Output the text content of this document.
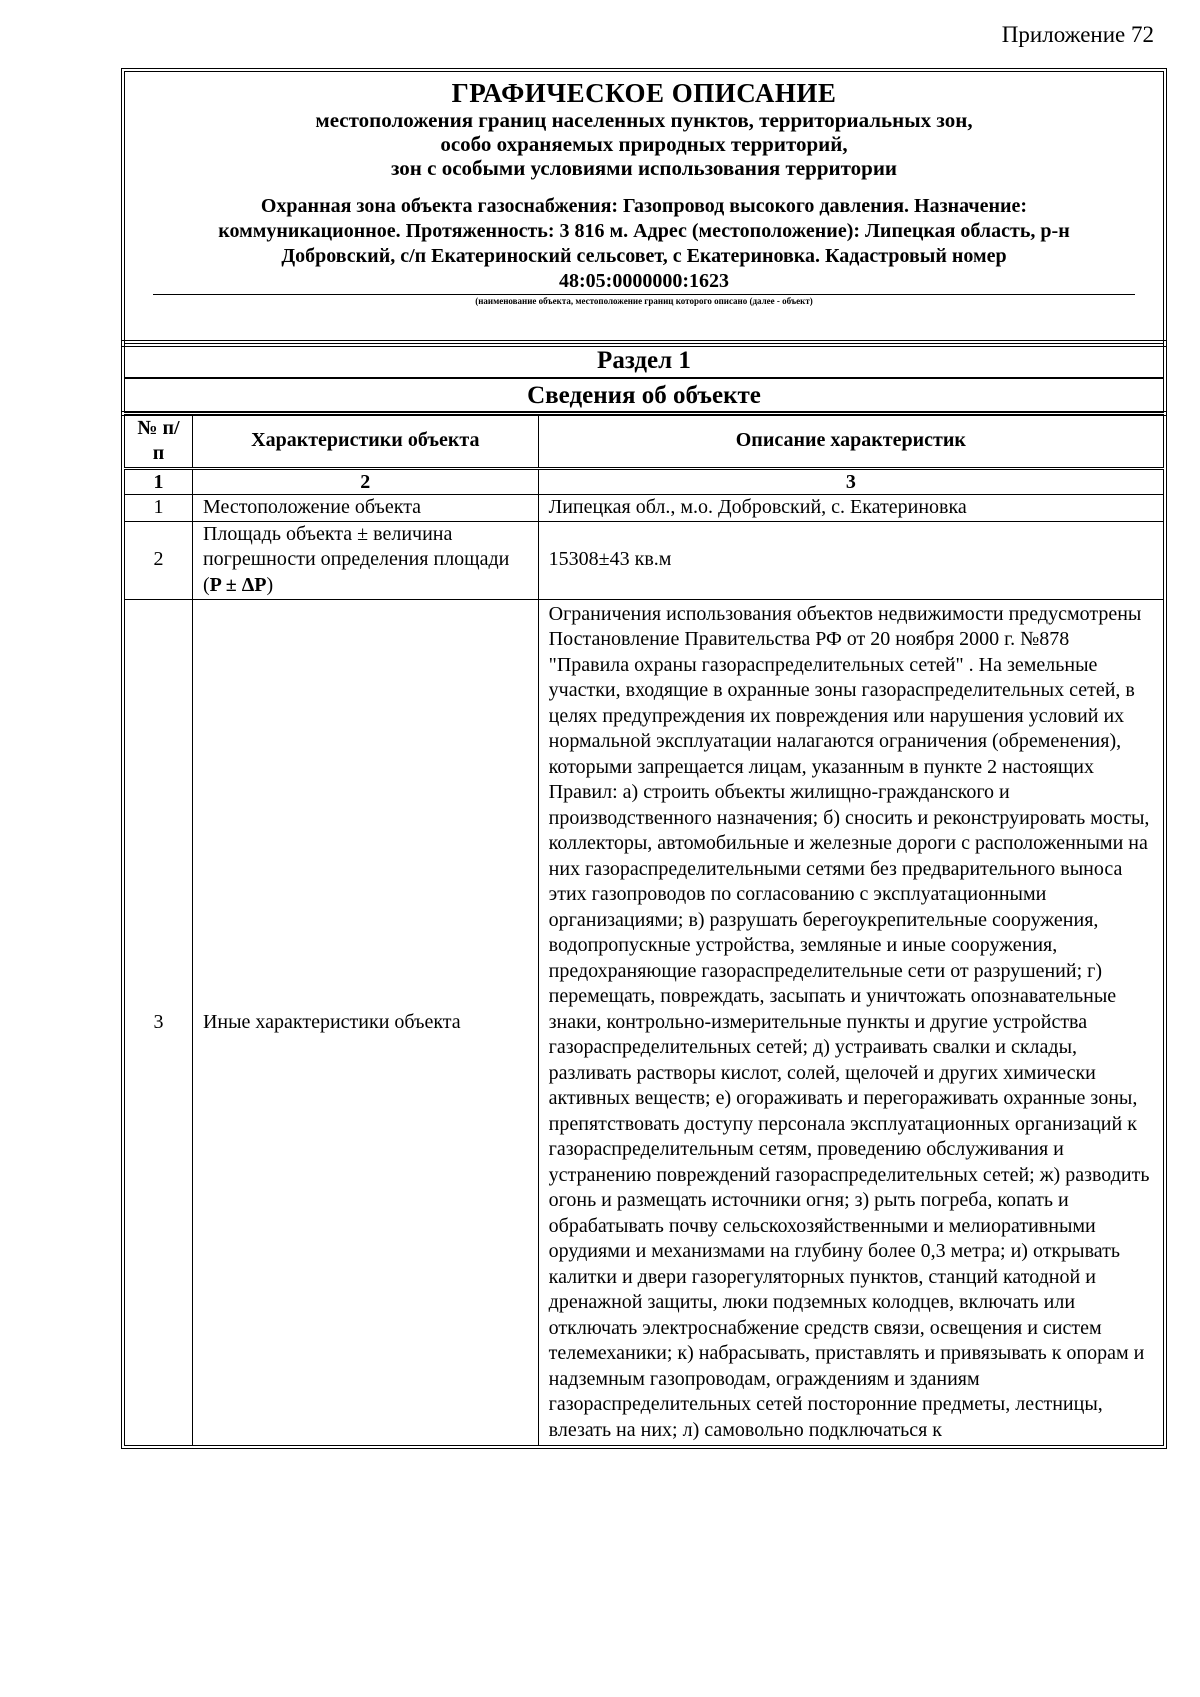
Приложение 72
ГРАФИЧЕСКОЕ ОПИСАНИЕ
местоположения границ населенных пунктов, территориальных зон,
особо охраняемых природных территорий,
зон с особыми условиями использования территории
Охранная зона объекта газоснабжения: Газопровод высокого давления. Назначение:
коммуникационное. Протяженность: 3 816 м. Адрес (местоположение): Липецкая область, р-н
Добровский, с/п Екатериноский сельсовет, с Екатериновка. Кадастровый номер
48:05:0000000:1623
(наименование объекта, местоположение границ которого описано (далее - объект)
Раздел 1
Сведения об объекте
№ п/п	Характеристики объекта	Описание характеристик
1	2	3
1	Местоположение объекта	Липецкая обл., м.о. Добровский, с. Екатериновка
2	Площадь объекта ± величина погрешности определения площади (P ± ΔP)	15308±43 кв.м
3	Иные характеристики объекта	Ограничения использования объектов недвижимости предусмотрены Постановление Правительства РФ от 20 ноября 2000 г. №878 "Правила охраны газораспределительных сетей" . На земельные участки, входящие в охранные зоны газораспределительных сетей, в целях предупреждения их повреждения или нарушения условий их нормальной эксплуатации налагаются ограничения (обременения), которыми запрещается лицам, указанным в пункте 2 настоящих Правил: а) строить объекты жилищно-гражданского и производственного назначения; б) сносить и реконструировать мосты, коллекторы, автомобильные и железные дороги с расположенными на них газораспределительными сетями без предварительного выноса этих газопроводов по согласованию с эксплуатационными организациями; в) разрушать берегоукрепительные сооружения, водопропускные устройства, земляные и иные сооружения, предохраняющие газораспределительные сети от разрушений; г) перемещать, повреждать, засыпать и уничтожать опознавательные знаки, контрольно-измерительные пункты и другие устройства газораспределительных сетей; д) устраивать свалки и склады, разливать растворы кислот, солей, щелочей и других химически активных веществ; е) огораживать и перегораживать охранные зоны, препятствовать доступу персонала эксплуатационных организаций к газораспределительным сетям, проведению обслуживания и устранению повреждений газораспределительных сетей; ж) разводить огонь и размещать источники огня; з) рыть погреба, копать и обрабатывать почву сельскохозяйственными и мелиоративными орудиями и механизмами на глубину более 0,3 метра; и) открывать калитки и двери газорегуляторных пунктов, станций катодной и дренажной защиты, люки подземных колодцев, включать или отключать электроснабжение средств связи, освещения и систем телемеханики; к) набрасывать, приставлять и привязывать к опорам и надземным газопроводам, ограждениям и зданиям газораспределительных сетей посторонние предметы, лестницы, влезать на них; л) самовольно подключаться к
